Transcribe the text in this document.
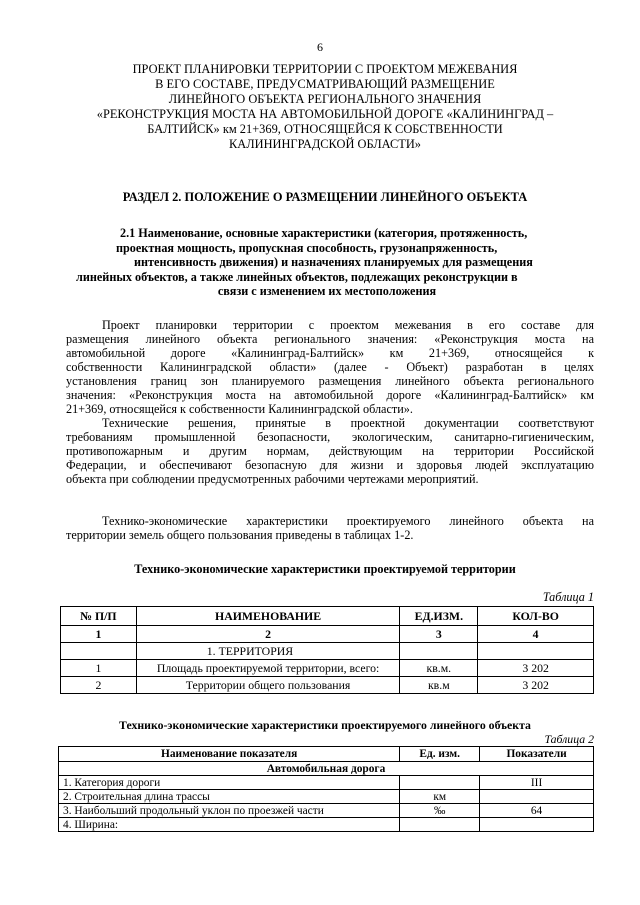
6
ПРОЕКТ ПЛАНИРОВКИ ТЕРРИТОРИИ С ПРОЕКТОМ МЕЖЕВАНИЯ
В ЕГО СОСТАВЕ, ПРЕДУСМАТРИВАЮЩИЙ РАЗМЕЩЕНИЕ
ЛИНЕЙНОГО ОБЪЕКТА РЕГИОНАЛЬНОГО ЗНАЧЕНИЯ
«РЕКОНСТРУКЦИЯ МОСТА НА АВТОМОБИЛЬНОЙ ДОРОГЕ «КАЛИНИНГРАД –
БАЛТИЙСК» км 21+369, ОТНОСЯЩЕЙСЯ К СОБСТВЕННОСТИ
КАЛИНИНГРАДСКОЙ ОБЛАСТИ»
РАЗДЕЛ 2. ПОЛОЖЕНИЕ О РАЗМЕЩЕНИИ ЛИНЕЙНОГО ОБЪЕКТА
2.1 Наименование, основные характеристики (категория, протяженность,
проектная мощность, пропускная способность, грузонапряженность,
интенсивность движения) и назначениях планируемых для размещения
линейных объектов, а также линейных объектов, подлежащих реконструкции в
связи с изменением их местоположения
Проект планировки территории с проектом межевания в его составе для
размещения линейного объекта регионального значения: «Реконструкция моста на
автомобильной дороге «Калининград-Балтийск» км 21+369, относящейся к
собственности Калининградской области» (далее - Объект) разработан в целях
установления границ зон планируемого размещения линейного объекта регионального
значения: «Реконструкция моста на автомобильной дороге «Калининград-Балтийск» км
21+369, относящейся к собственности Калининградской области».
Технические решения, принятые в проектной документации соответствуют
требованиям промышленной безопасности, экологическим, санитарно-гигиеническим,
противопожарным и другим нормам, действующим на территории Российской
Федерации, и обеспечивают безопасную для жизни и здоровья людей эксплуатацию
объекта при соблюдении предусмотренных рабочими чертежами мероприятий.
Технико-экономические характеристики проектируемого линейного объекта на
территории земель общего пользования приведены в таблицах 1-2.
Технико-экономические характеристики проектируемой территории
Таблица 1
№ П/П	НАИМЕНОВАНИЕ	ЕД.ИЗМ.	КОЛ-ВО
1	2	3	4
	1. ТЕРРИТОРИЯ		
1	Площадь проектируемой территории, всего:	кв.м.	3 202
2	Территории общего пользования	кв.м	3 202
Технико-экономические характеристики проектируемого линейного объекта
Таблица 2
Наименование показателя	Ед. изм.	Показатели
Автомобильная дорога		
1. Категория дороги		III
2. Строительная длина трассы	км	
3. Наибольший продольный уклон по проезжей части	‰	64
4. Ширина:		
